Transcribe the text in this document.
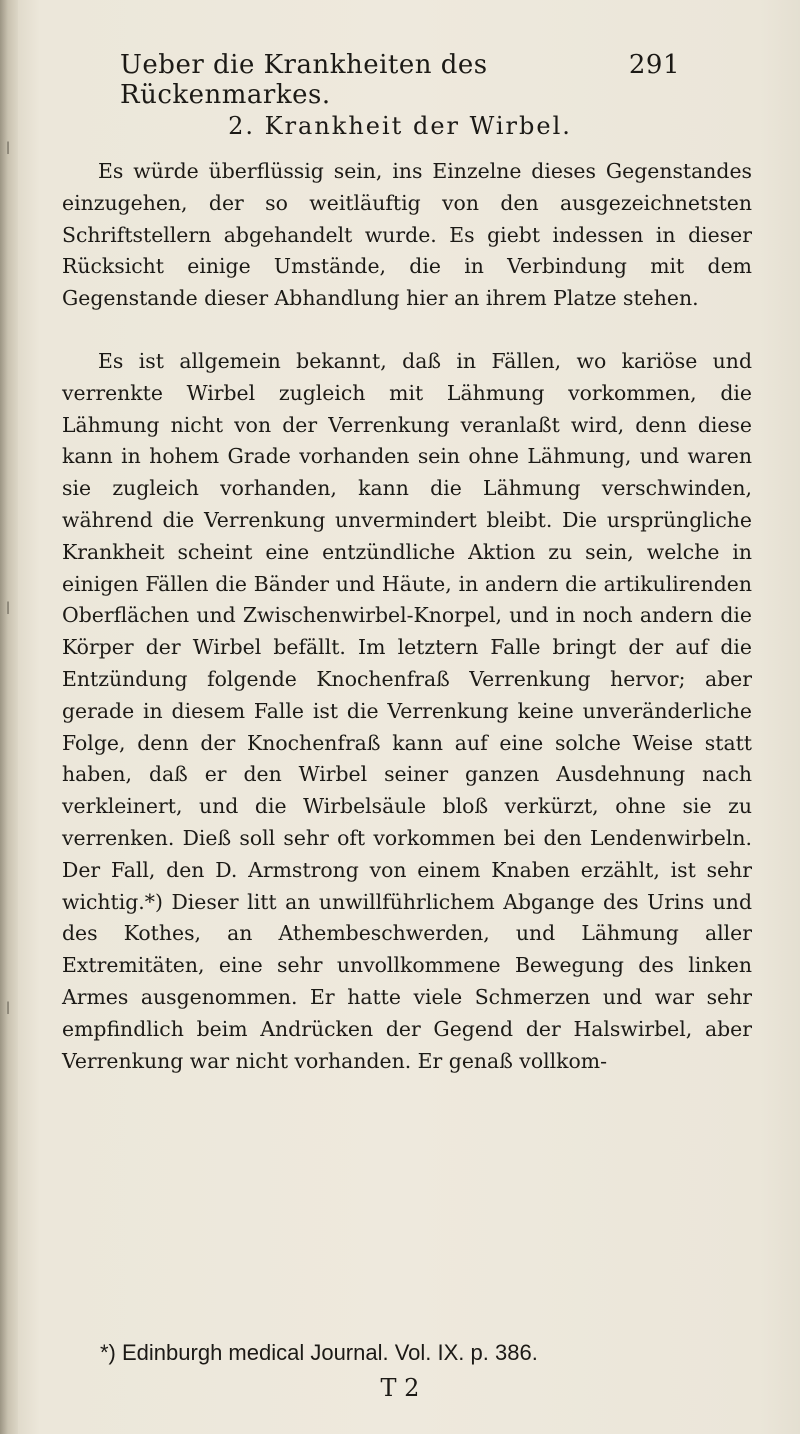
|
|
|
Ueber die Krankheiten des Rückenmarkes.
291
2. Krankheit der Wirbel.

Es würde überflüssig sein, ins Einzelne dieses Gegenstandes einzugehen, der so weitläuftig von den ausgezeichnetsten Schriftstellern abgehandelt wurde. Es giebt indessen in dieser Rücksicht einige Umstände, die in Verbindung mit dem Gegenstande dieser Abhandlung hier an ihrem Platze stehen.

Es ist allgemein bekannt, daß in Fällen, wo kariöse und verrenkte Wirbel zugleich mit Lähmung vorkommen, die Lähmung nicht von der Verrenkung veranlaßt wird, denn diese kann in hohem Grade vorhanden sein ohne Lähmung, und waren sie zugleich vorhanden, kann die Lähmung verschwinden, während die Verrenkung unvermindert bleibt. Die ursprüngliche Krankheit scheint eine entzündliche Aktion zu sein, welche in einigen Fällen die Bänder und Häute, in andern die artikulirenden Oberflächen und Zwischenwirbel-Knorpel, und in noch andern die Körper der Wirbel befällt. Im letztern Falle bringt der auf die Entzündung folgende Knochenfraß Verrenkung hervor; aber gerade in diesem Falle ist die Verrenkung keine unveränderliche Folge, denn der Knochenfraß kann auf eine solche Weise statt haben, daß er den Wirbel seiner ganzen Ausdehnung nach verkleinert, und die Wirbelsäule bloß verkürzt, ohne sie zu verrenken. Dieß soll sehr oft vorkommen bei den Lendenwirbeln. Der Fall, den D. Armstrong von einem Knaben erzählt, ist sehr wichtig.*) Dieser litt an unwillführlichem Abgange des Urins und des Kothes, an Athembeschwerden, und Lähmung aller Extremitäten, eine sehr unvollkommene Bewegung des linken Armes ausgenommen. Er hatte viele Schmerzen und war sehr empfindlich beim Andrücken der Gegend der Halswirbel, aber Verrenkung war nicht vorhanden. Er genaß vollkom-

*) Edinburgh medical Journal. Vol. IX. p. 386.
T 2
